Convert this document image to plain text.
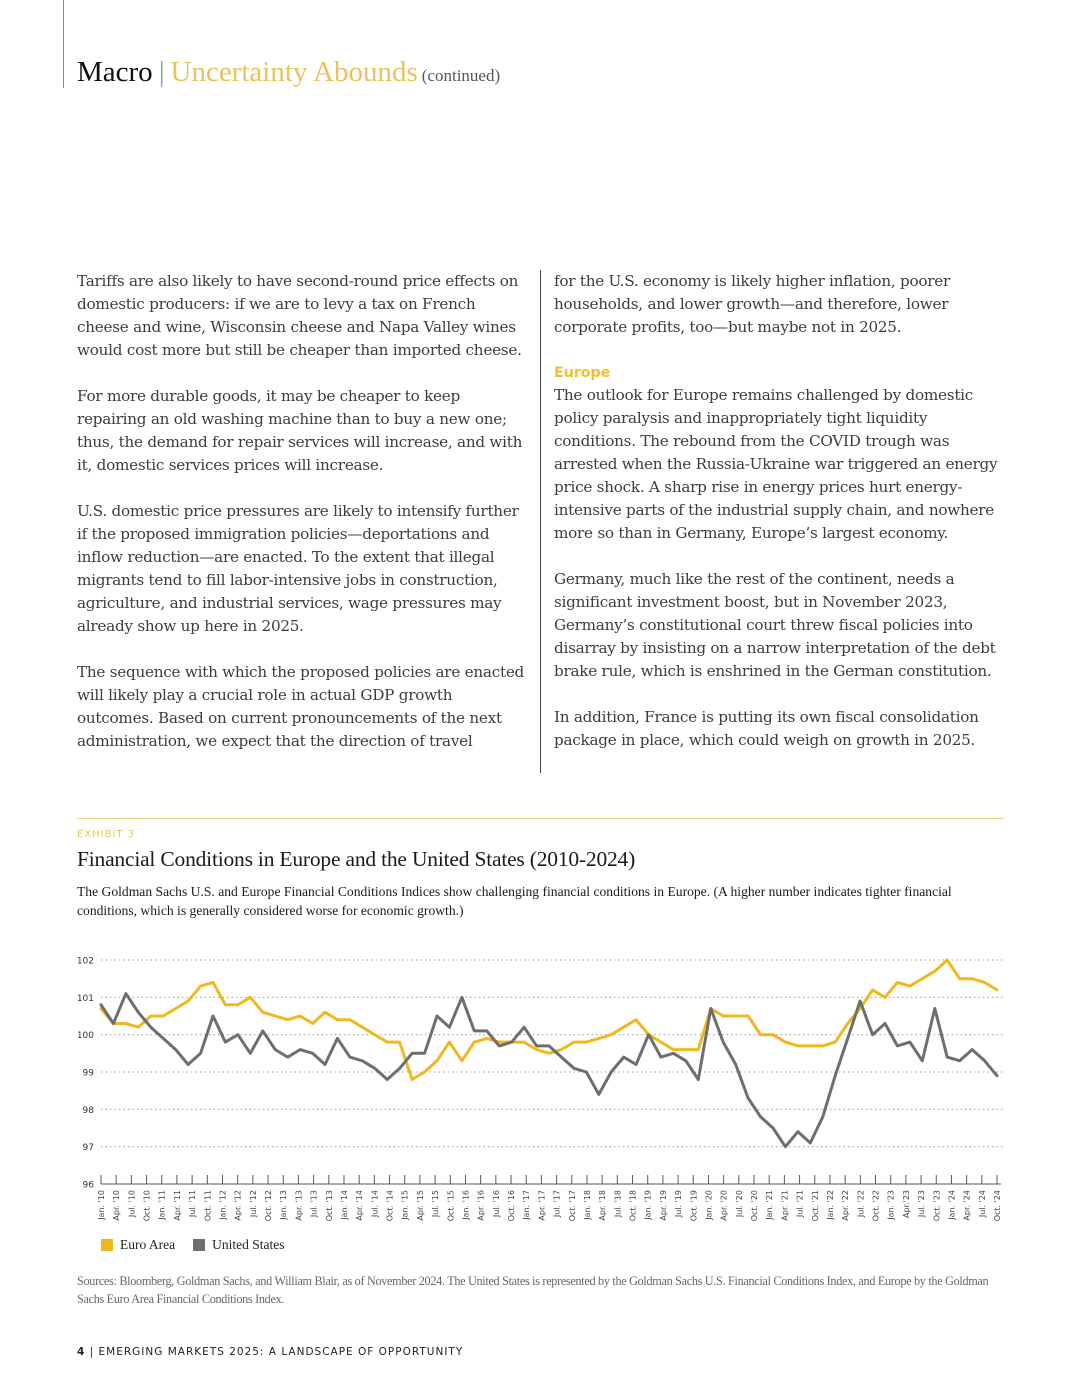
Macro | Uncertainty Abounds (continued)

Tariffs are also likely to have second-round price effects on domestic producers: if we are to levy a tax on French cheese and wine, Wisconsin cheese and Napa Valley wines would cost more but still be cheaper than imported cheese.

For more durable goods, it may be cheaper to keep repairing an old washing machine than to buy a new one; thus, the demand for repair services will increase, and with it, domestic services prices will increase.

U.S. domestic price pressures are likely to intensify further if the proposed immigration policies—deportations and inflow reduction—are enacted. To the extent that illegal migrants tend to fill labor-intensive jobs in construction, agriculture, and industrial services, wage pressures may already show up here in 2025.

The sequence with which the proposed policies are enacted will likely play a crucial role in actual GDP growth outcomes. Based on current pronouncements of the next administration, we expect that the direction of travel

for the U.S. economy is likely higher inflation, poorer households, and lower growth—and therefore, lower corporate profits, too—but maybe not in 2025.

Europe

The outlook for Europe remains challenged by domestic policy paralysis and inappropriately tight liquidity conditions. The rebound from the COVID trough was arrested when the Russia-Ukraine war triggered an energy price shock. A sharp rise in energy prices hurt energy-intensive parts of the industrial supply chain, and nowhere more so than in Germany, Europe’s largest economy.

Germany, much like the rest of the continent, needs a significant investment boost, but in November 2023, Germany’s constitutional court threw fiscal policies into disarray by insisting on a narrow interpretation of the debt brake rule, which is enshrined in the German constitution.

In addition, France is putting its own fiscal consolidation package in place, which could weigh on growth in 2025.

EXHIBIT 3
Financial Conditions in Europe and the United States (2010-2024)
The Goldman Sachs U.S. and Europe Financial Conditions Indices show challenging financial conditions in Europe. (A higher number indicates tighter financial conditions, which is generally considered worse for economic growth.)
96
97
98
99
100
101
102
Jan. '10 Apr. '10 Jul. '10 Oct. '10 Jan. '11 Apr. '11 Jul. '11 Oct. '11 Jan. '12 Apr. '12 Jul. '12 Oct. '12 Jan. '13 Apr. '13 Jul. '13 Oct. '13 Jan. '14 Apr. '14 Jul. '14 Oct. '14 Jan. '15 Apr. '15 Jul. '15 Oct. '15 Jan. '16 Apr. '16 Jul. '16 Oct. '16 Jan. '17 Apr. '17 Jul. '17 Oct. '17 Jan. '18 Apr. '18 Jul. '18 Oct. '18 Jan. '19 Apr. '19 Jul. '19 Oct. '19 Jan. '20 Apr. '20 Jul. '20 Oct. '20 Jan. '21 Apr. '21 Jul. '21 Oct. '21 Jan. '22 Apr. '22 Jul. '22 Oct. '22 Jan. '23 Apr.'23 Jul. '23 Oct. '23 Jan. '24 Apr. '24 Jul. '24 Oct. '24
Euro Area	United States
Sources: Bloomberg, Goldman Sachs, and William Blair, as of November 2024. The United States is represented by the Goldman Sachs U.S. Financial Conditions Index, and Europe by the Goldman Sachs Euro Area Financial Conditions Index.
4 | EMERGING MARKETS 2025: A LANDSCAPE OF OPPORTUNITY
